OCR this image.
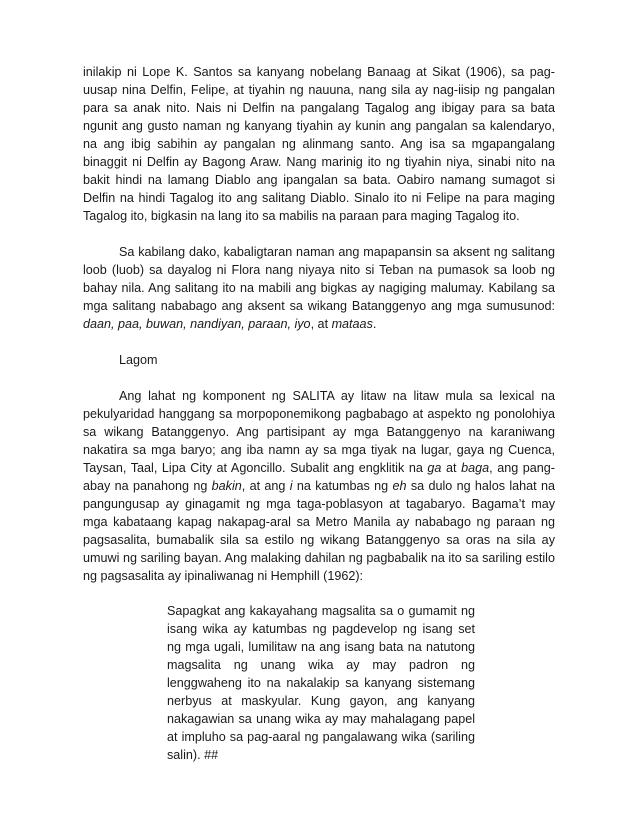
inilakip ni Lope K. Santos sa kanyang nobelang Banaag at Sikat (1906), sa pag-uusap nina Delfin, Felipe, at tiyahin ng nauuna, nang sila ay nag-iisip ng pangalan para sa anak nito. Nais ni Delfin na pangalang Tagalog ang ibigay para sa bata ngunit ang gusto naman ng kanyang tiyahin ay kunin ang pangalan sa kalendaryo, na ang ibig sabihin ay pangalan ng alinmang santo. Ang isa sa mgapangalang binaggit ni Delfin ay Bagong Araw. Nang marinig ito ng tiyahin niya, sinabi nito na bakit hindi na lamang Diablo ang ipangalan sa bata. Oabiro namang sumagot si Delfin na hindi Tagalog ito ang salitang Diablo. Sinalo ito ni Felipe na para maging Tagalog ito, bigkasin na lang ito sa mabilis na paraan para maging Tagalog ito.

Sa kabilang dako, kabaligtaran naman ang mapapansin sa aksent ng salitang loob (luob) sa dayalog ni Flora nang niyaya nito si Teban na pumasok sa loob ng bahay nila. Ang salitang ito na mabili ang bigkas ay nagiging malumay. Kabilang sa mga salitang nababago ang aksent sa wikang Batanggenyo ang mga sumusunod: daan, paa, buwan, nandiyan, paraan, iyo, at mataas.

Lagom

Ang lahat ng komponent ng SALITA ay litaw na litaw mula sa lexical na pekulyaridad hanggang sa morpoponemikong pagbabago at aspekto ng ponolohiya sa wikang Batanggenyo. Ang partisipant ay mga Batanggenyo na karaniwang nakatira sa mga baryo; ang iba namn ay sa mga tiyak na lugar, gaya ng Cuenca, Taysan, Taal, Lipa City at Agoncillo. Subalit ang engklitik na ga at baga, ang pang-abay na panahong ng bakin, at ang i na katumbas ng eh sa dulo ng halos lahat na pangungusap ay ginagamit ng mga taga-poblasyon at tagabaryo. Bagama’t may mga kabataang kapag nakapag-aral sa Metro Manila ay nababago ng paraan ng pagsasalita, bumabalik sila sa estilo ng wikang Batanggenyo sa oras na sila ay umuwi ng sariling bayan. Ang malaking dahilan ng pagbabalik na ito sa sariling estilo ng pagsasalita ay ipinaliwanag ni Hemphill (1962):

Sapagkat ang kakayahang magsalita sa o gumamit ng isang wika ay katumbas ng pagdevelop ng isang set ng mga ugali, lumilitaw na ang isang bata na natutong magsalita ng unang wika ay may padron ng lenggwaheng ito na nakalakip sa kanyang sistemang nerbyus at maskyular. Kung gayon, ang kanyang nakagawian sa unang wika ay may mahalagang papel at impluho sa pag-aaral ng pangalawang wika (sariling salin). ##
